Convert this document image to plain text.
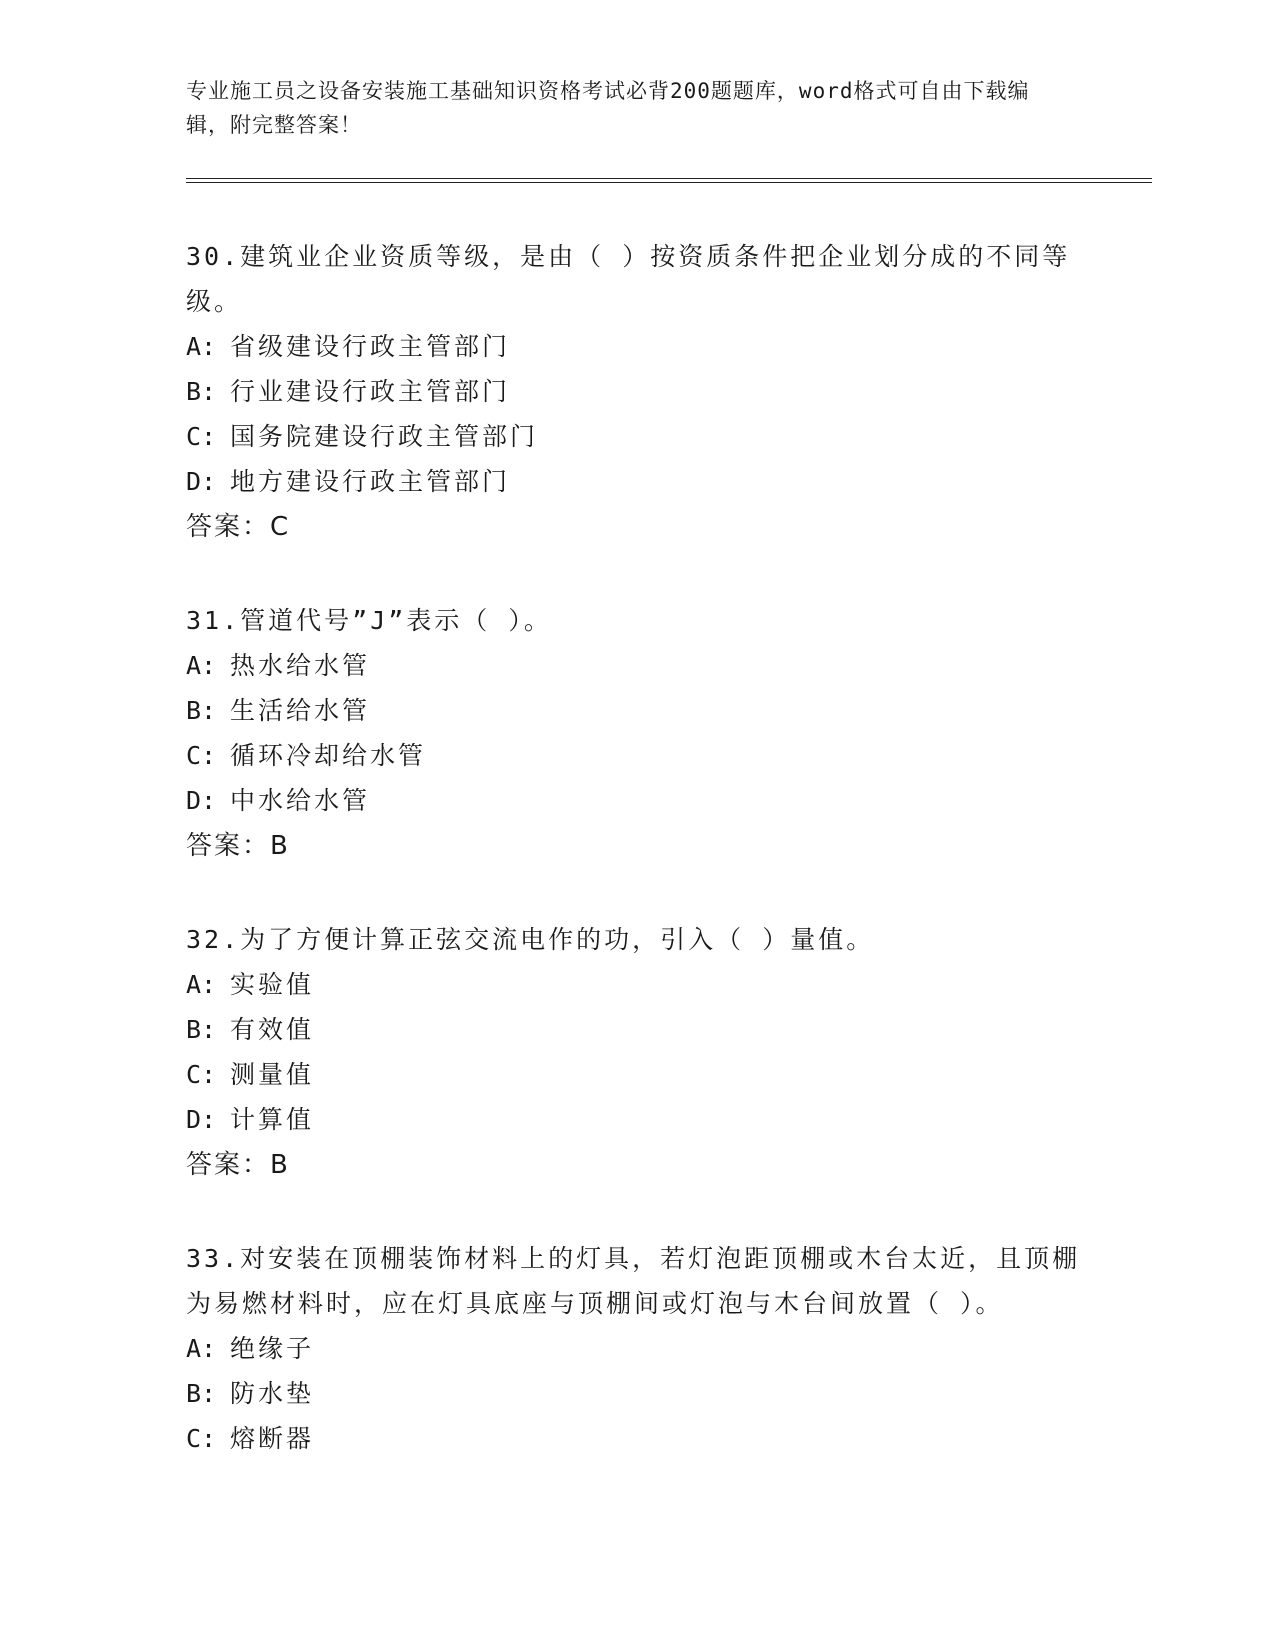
专业施工员之设备安装施工基础知识资格考试必背200题题库，word格式可自由下载编辑，附完整答案！

30.建筑业企业资质等级，是由（ ）按资质条件把企业划分成的不同等级。

A: 省级建设行政主管部门

B: 行业建设行政主管部门

C: 国务院建设行政主管部门

D: 地方建设行政主管部门

答案：C

31.管道代号”J”表示（ ）。

A: 热水给水管

B: 生活给水管

C: 循环冷却给水管

D: 中水给水管

答案：B

32.为了方便计算正弦交流电作的功，引入（ ）量值。

A: 实验值

B: 有效值

C: 测量值

D: 计算值

答案：B

33.对安装在顶棚装饰材料上的灯具，若灯泡距顶棚或木台太近，且顶棚为易燃材料时，应在灯具底座与顶棚间或灯泡与木台间放置（ ）。

A: 绝缘子

B: 防水垫

C: 熔断器
